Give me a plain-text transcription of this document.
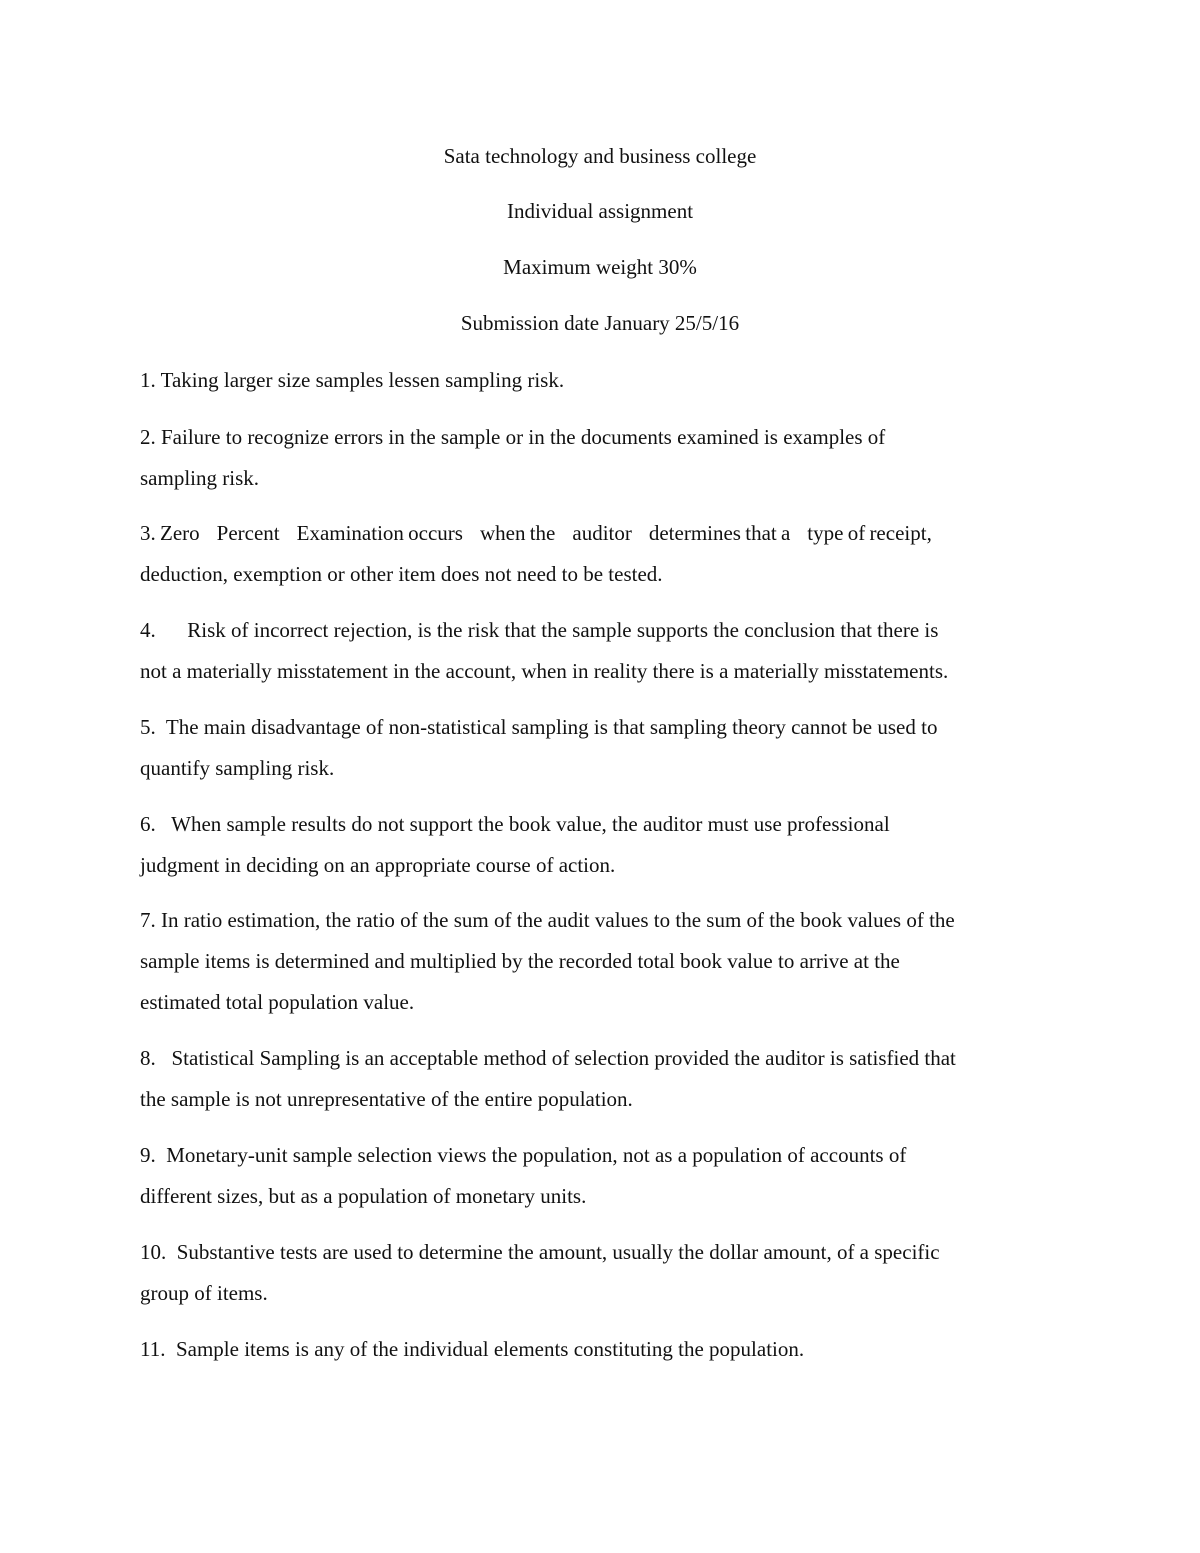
Sata technology and business college
Individual assignment
Maximum weight 30%
Submission date January 25/5/16

1. Taking larger size samples lessen sampling risk.

2. Failure to recognize errors in the sample or in the documents examined is examples of

sampling risk.

3. Zero    Percent    Examination occurs    when the    auditor    determines that a    type of receipt,

deduction, exemption or other item does not need to be tested.

4.      Risk of incorrect rejection, is the risk that the sample supports the conclusion that there is

not a materially misstatement in the account, when in reality there is a materially misstatements.

5.  The main disadvantage of non-statistical sampling is that sampling theory cannot be used to

quantify sampling risk.

6.   When sample results do not support the book value, the auditor must use professional

judgment in deciding on an appropriate course of action.

7. In ratio estimation, the ratio of the sum of the audit values to the sum of the book values of the

sample items is determined and multiplied by the recorded total book value to arrive at the

estimated total population value.

8.   Statistical Sampling is an acceptable method of selection provided the auditor is satisfied that

the sample is not unrepresentative of the entire population.

9.  Monetary-unit sample selection views the population, not as a population of accounts of

different sizes, but as a population of monetary units.

10.  Substantive tests are used to determine the amount, usually the dollar amount, of a specific

group of items.

11.  Sample items is any of the individual elements constituting the population.
